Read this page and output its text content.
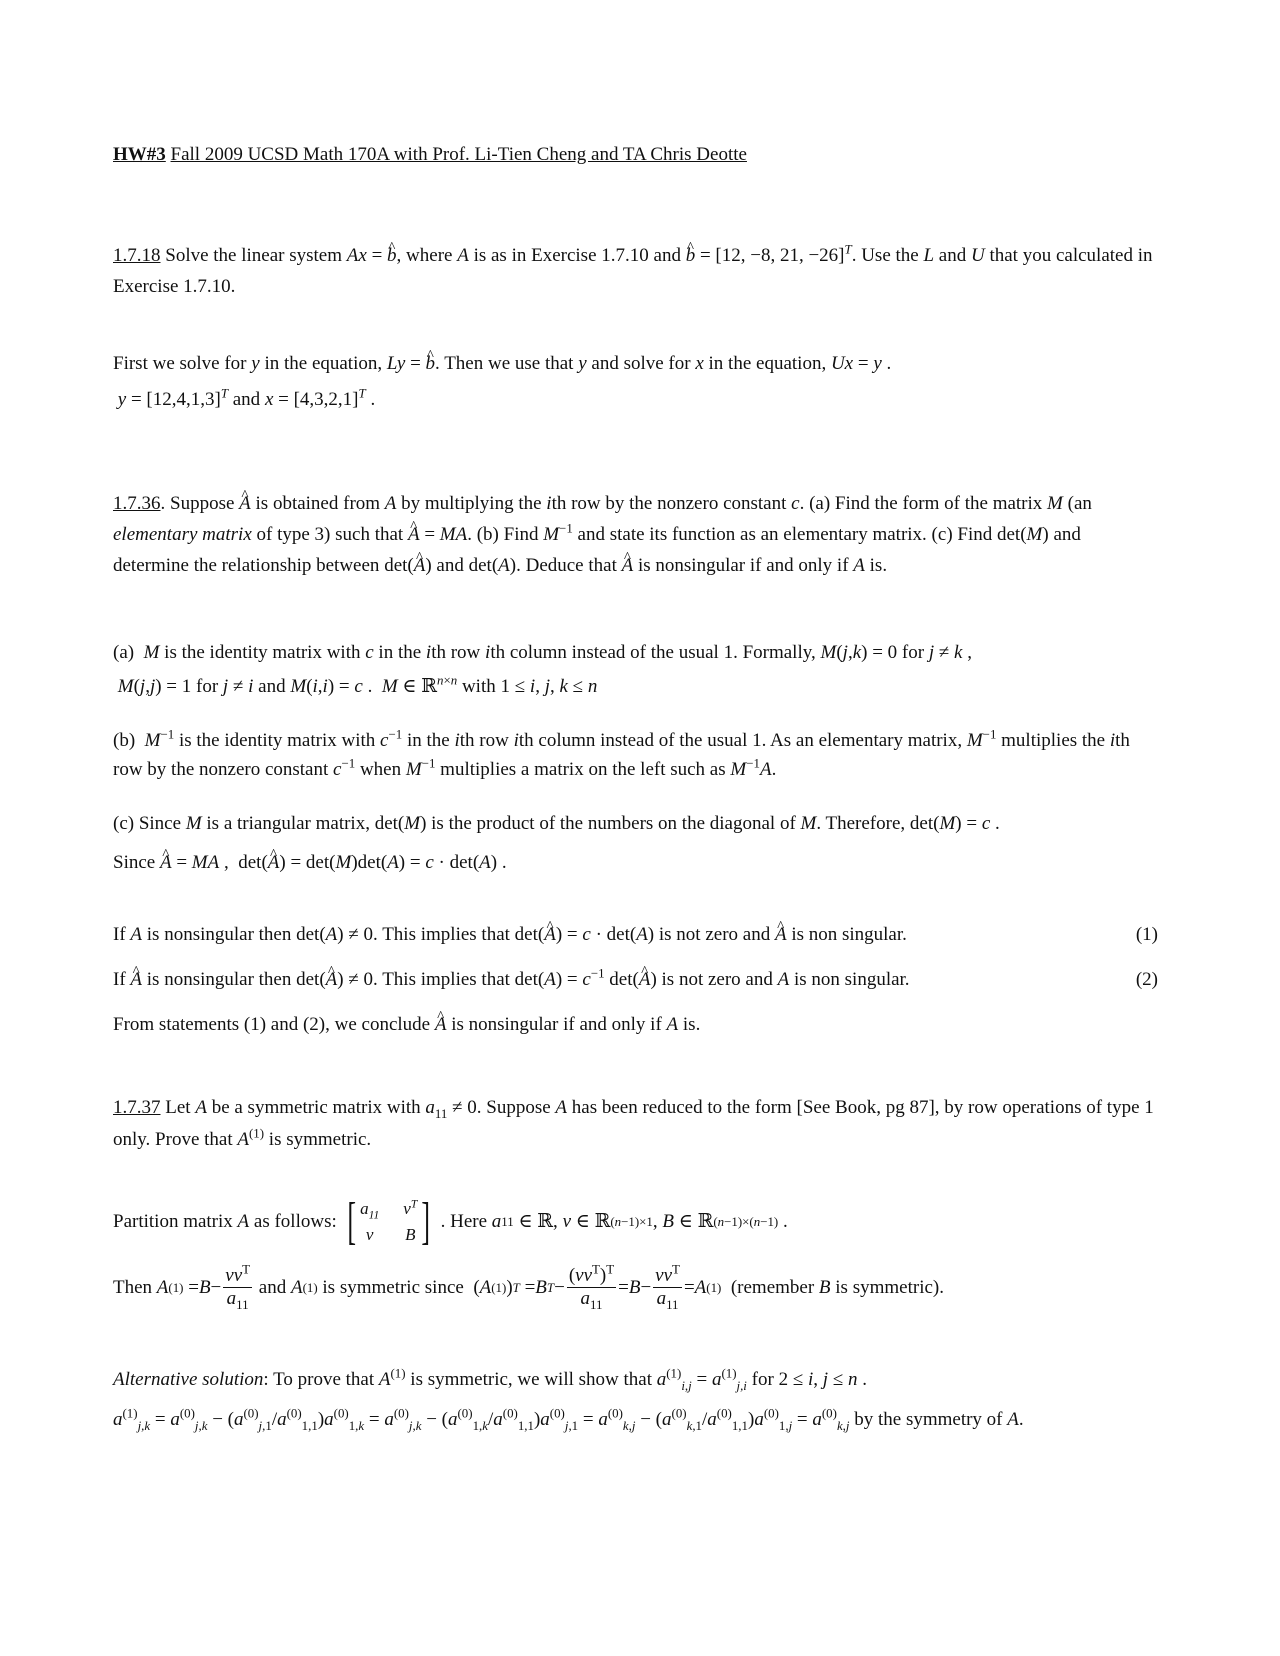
HW#3 Fall 2009 UCSD Math 170A with Prof. Li-Tien Cheng and TA Chris Deotte

1.7.18 Solve the linear system Ax = ^ b, where A is as in Exercise 1.7.10 and ^ b = [12, −8, 21, −26]$^T$. Use the L and U that you calculated in Exercise 1.7.10.

First we solve for y in the equation, Ly = ^ b. Then we use that y and solve for x in the equation, Ux = y .

$y = [12,4,1,3]^T$ and $x = [4,3,2,1]^T$ .

1.7.36. Suppose ^ A is obtained from A by multiplying the ith row by the nonzero constant c. (a) Find the form of the matrix M (an elementary matrix of type 3) such that ^ A = MA. (b) Find $M^{-1}$ and state its function as an elementary matrix. (c) Find det(M) and determine the relationship between det(^ A) and det(A). Deduce that ^ A is nonsingular if and only if A is.

(a) M is the identity matrix with c in the ith row ith column instead of the usual 1. Formally, M(j,k) = 0 for j ≠ k ,

M(j,j) = 1 for j ≠ i and M(i,i) = c .  M ∈ ℝ$^{n\times n}$ with 1 ≤ i, j, k ≤ n

(b) $M^{-1}$ is the identity matrix with $c^{-1}$ in the ith row ith column instead of the usual 1. As an elementary matrix, $M^{-1}$ multiplies the ith row by the nonzero constant $c^{-1}$ when $M^{-1}$ multiplies a matrix on the left such as $M^{-1}A$.

(c) Since M is a triangular matrix, det(M) is the product of the numbers on the diagonal of M. Therefore, det(M) = c .

Since ^ A = MA ,  det(^ A) = det(M)det(A) = c · det(A) .

If A is nonsingular then det(A) ≠ 0. This implies that det(^ A) = c · det(A) is not zero and ^ A is non singular.	(1)

If ^ A is nonsingular then det(^ A) ≠ 0. This implies that $\det(A) = c^{-1}$ det(^ A) is not zero and A is non singular.	(2)

From statements (1) and (2), we conclude ^ A is nonsingular if and only if A is.

1.7.37 Let A be a symmetric matrix with $a_{11} \ne 0$. Suppose A has been reduced to the form [See Book, pg 87], by row operations of type 1 only. Prove that $A^{(1)}$ is symmetric.

Partition matrix
A
as follows: [ $a_{11}$ $v^T$
v	B ] . Here
a 11 ∈ ℝ, v ∈ ℝ (n−1)×1 , B ∈ ℝ (n−1)×(n−1) .

Then
A $(1) = B - \frac{vv^T}{a_{11}}$
and
A (1)
is symmetric since ( A (1) ) T = B $T - \frac{(vv^T)^T}{a_{11}} = B - \frac{vv^T}{a_{11}} = A$ (1)
(remember
B
is symmetric).

Alternative solution: To prove that $A^{(1)}$ is symmetric, we will show that $a^{(1)}_{i,j} = a^{(1)}_{j,i}$ for 2 ≤ i, j ≤ n .

$a^{(1)}_{j,k} = a^{(0)}_{j,k} - (a^{(0)}_{j,1}/a^{(0)}_{1,1})a^{(0)}_{1,k} = a^{(0)}_{j,k} - (a^{(0)}_{1,k}/a^{(0)}_{1,1})a^{(0)}_{j,1} = a^{(0)}_{k,j} - (a^{(0)}_{k,1}/a^{(0)}_{1,1})a^{(0)}_{1,j} = a^{(0)}_{k,j}$ by the symmetry of A.
